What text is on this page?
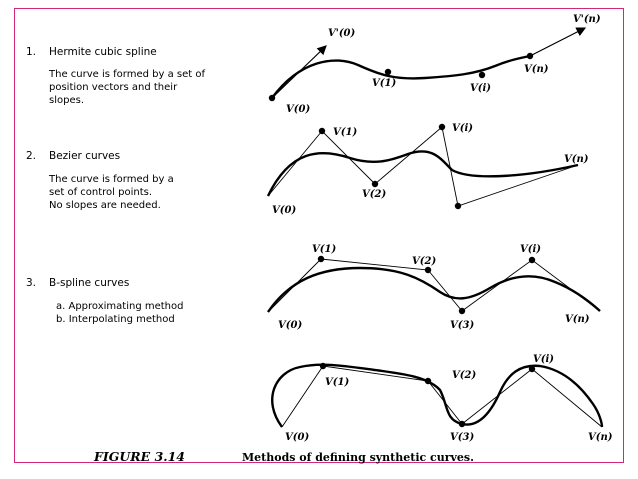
1. Hermite cubic spline
The curve is formed by a set of
position vectors and their
slopes.
V(0)
V(1)	V(i)
V(n)
V'(0)
V'(n)
2. Bezier curves
The curve is formed by a
set of control points.
No slopes are needed.	V(0)
V(1)
V(2)
V(i)
V(n)
3. B-spline curves
a. Approximating method
b. Interpolating method
V(0)
V(1)
V(2)
V(3)
V(i)
V(n)
V(0)
V(1)
V(2)
V(3)
V(i)
V(n)
FIGURE 3.14	Methods of defining synthetic curves.
